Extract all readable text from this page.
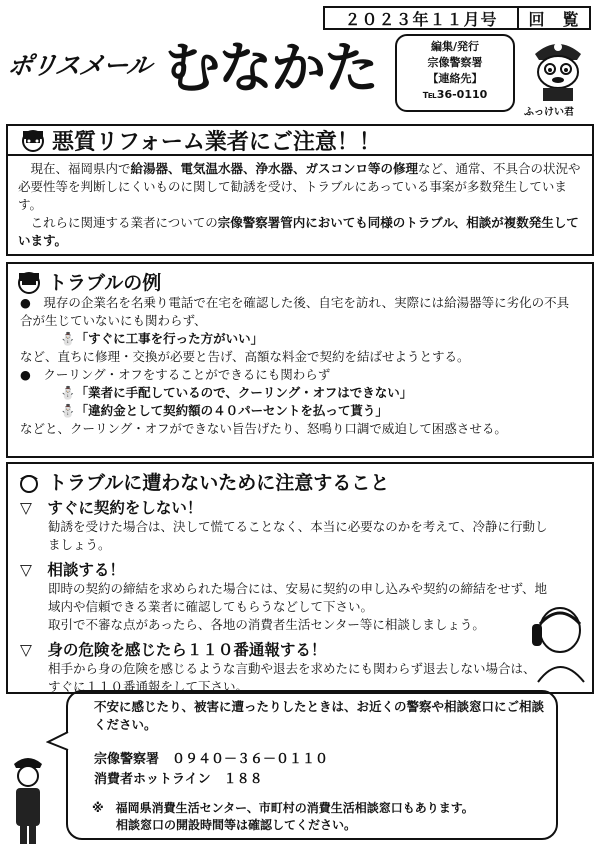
２０２３年１１月号	回　覧
ポリスメール むなかた	編集/発行
宗像警察署
【連絡先】
℡36-0110
ふっけい君
悪質リフォーム業者にご注意！！
　現在、福岡県内で給湯器、電気温水器、浄水器、ガスコンロ等の修理など、通常、不具合の状況や必要性等を判断しにくいものに関して勧誘を受け、トラブルにあっている事案が多数発生しています。
　これらに関連する業者についての宗像警察署管内においても同様のトラブル、相談が複数発生しています。
トラブルの例
●　現存の企業名を名乗り電話で在宅を確認した後、自宅を訪れ、実際には給湯器等に劣化の不具合が生じていないにも関わらず、
⛄「すぐに工事を行った方がいい」
など、直ちに修理・交換が必要と告げ、高額な料金で契約を結ばせようとする。
●　クーリング・オフをすることができるにも関わらず
⛄「業者に手配しているので、クーリング・オフはできない」
⛄「違約金として契約額の４０パーセントを払って貰う」
などと、クーリング・オフができない旨告げたり、怒鳴り口調で威迫して困惑させる。
トラブルに遭わないために注意すること
▽　すぐに契約をしない！
勧誘を受けた場合は、決して慌てることなく、本当に必要なのかを考えて、冷静に行動しましょう。
▽　相談する！
即時の契約の締結を求められた場合には、安易に契約の申し込みや契約の締結をせず、地域内や信頼できる業者に確認してもらうなどして下さい。
取引で不審な点があったら、各地の消費者生活センター等に相談しましょう。
▽　身の危険を感じたら１１０番通報する！
相手から身の危険を感じるような言動や退去を求めたにも関わらず退去しない場合は、すぐに１１０番通報をして下さい。
不安に感じたり、被害に遭ったりしたときは、お近くの警察や相談窓口にご相談ください。
宗像警察署　０９４０－３６－０１１０
消費者ホットライン　１８８
※　福岡県消費生活センター、市町村の消費生活相談窓口もあります。
相談窓口の開設時間等は確認してください。
